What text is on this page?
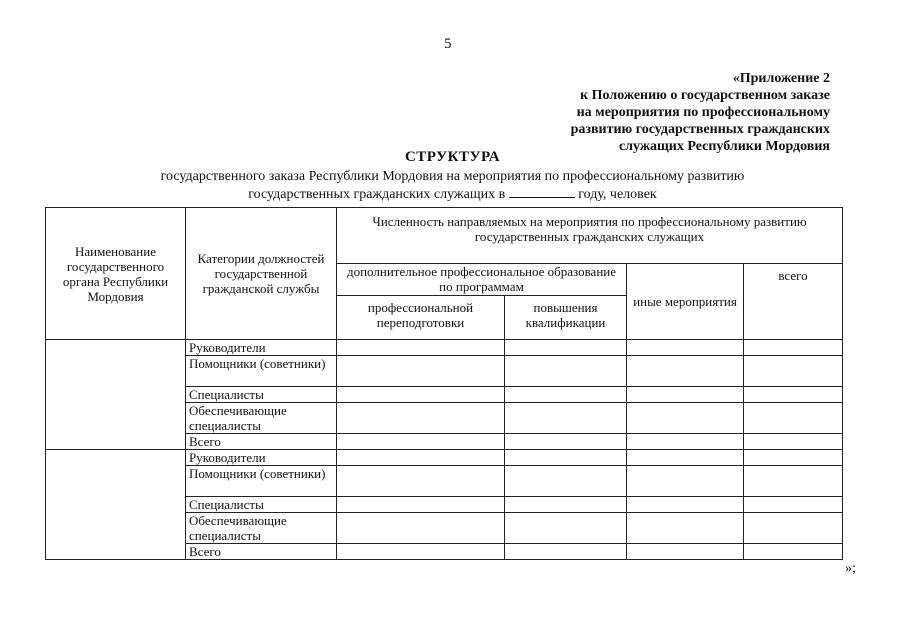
5
«Приложение 2
к Положению о государственном заказе
на мероприятия по профессиональному
развитию государственных гражданских
служащих Республики Мордовия
СТРУКТУРА
государственного заказа Республики Мордовия на мероприятия по профессиональному развитию
государственных гражданских служащих в	году, человек
Наименование государственного органа Республики Мордовия	Категории должностей государственной гражданской службы	Численность направляемых на мероприятия по профессиональному развитию государственных гражданских служащих			
		дополнительное профессиональное образование по программам		иные мероприятия	всего
		профессиональной переподготовки	повышения квалификации		
	Руководители				
	Помощники (советники)				
	Специалисты				
	Обеспечивающие специалисты				
	Всего				
	Руководители				
	Помощники (советники)				
	Специалисты				
	Обеспечивающие специалисты				
	Всего				
»;
